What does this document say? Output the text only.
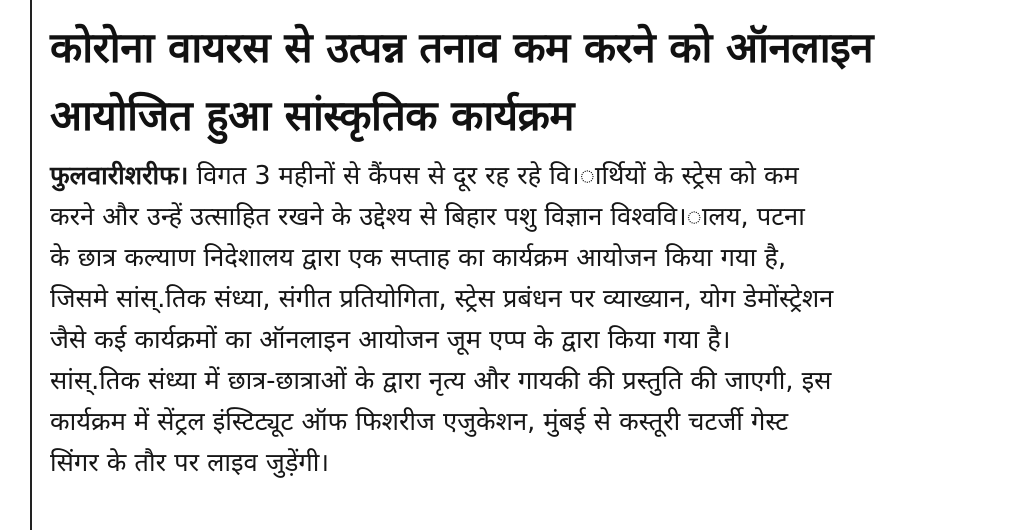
कोरोना वायरस से उत्पन्न तनाव कम करने को ऑनलाइन
आयोजित हुआ सांस्कृतिक कार्यक्रम
फुलवारीशरीफ। विगत 3 महीनों से कैंपस से दूर रह रहे वि।ार्थियों के स्ट्रेस को कम
करने और उन्हें उत्साहित रखने के उद्देश्य से बिहार पशु विज्ञान विश्ववि।ालय, पटना
के छात्र कल्याण निदेशालय द्वारा एक सप्ताह का कार्यक्रम आयोजन किया गया है,
जिसमे सांस्.तिक संध्या, संगीत प्रतियोगिता, स्ट्रेस प्रबंधन पर व्याख्यान, योग डेमोंस्ट्रेशन
जैसे कई कार्यक्रमों का ऑनलाइन आयोजन जूम एप्प के द्वारा किया गया है।
सांस्.तिक संध्या में छात्र-छात्राओं के द्वारा नृत्य और गायकी की प्रस्तुति की जाएगी, इस
कार्यक्रम में सेंट्रल इंस्टिट्यूट ऑफ फिशरीज एजुकेशन, मुंबई से कस्तूरी चटर्जी गेस्ट
सिंगर के तौर पर लाइव जुड़ेंगी।
